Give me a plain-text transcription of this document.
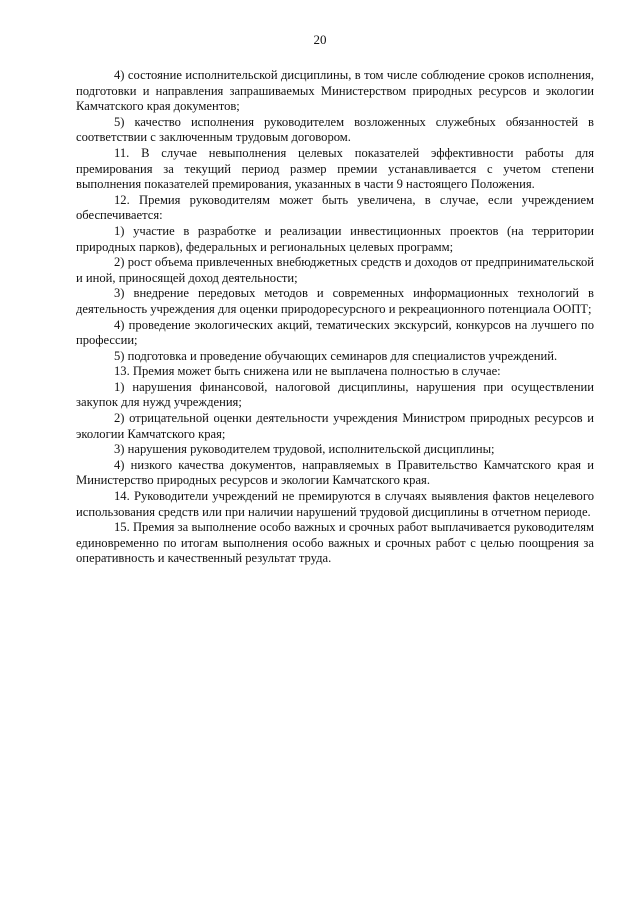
20

4) состояние исполнительской дисциплины, в том числе соблюдение сроков исполнения, подготовки и направления запрашиваемых Министерством природных ресурсов и экологии Камчатского края документов;

5) качество исполнения руководителем возложенных служебных обязанностей в соответствии с заключенным трудовым договором.

11. В случае невыполнения целевых показателей эффективности работы для премирования за текущий период размер премии устанавливается с учетом степени выполнения показателей премирования, указанных в части 9 настоящего Положения.

12. Премия руководителям может быть увеличена, в случае, если учреждением обеспечивается:

1) участие в разработке и реализации инвестиционных проектов (на территории природных парков), федеральных и региональных целевых программ;

2) рост объема привлеченных внебюджетных средств и доходов от предпринимательской и иной, приносящей доход деятельности;

3) внедрение передовых методов и современных информационных технологий в деятельность учреждения для оценки природоресурсного и рекреационного потенциала ООПТ;

4) проведение экологических акций, тематических экскурсий, конкурсов на лучшего по профессии;

5) подготовка и проведение обучающих семинаров для специалистов учреждений.

13. Премия может быть снижена или не выплачена полностью в случае:

1) нарушения финансовой, налоговой дисциплины, нарушения при осуществлении закупок для нужд учреждения;

2) отрицательной оценки деятельности учреждения Министром природных ресурсов и экологии Камчатского края;

3) нарушения руководителем трудовой, исполнительской дисциплины;

4) низкого качества документов, направляемых в Правительство Камчатского края и Министерство природных ресурсов и экологии Камчатского края.

14. Руководители учреждений не премируются в случаях выявления фактов нецелевого использования средств или при наличии нарушений трудовой дисциплины в отчетном периоде.

15. Премия за выполнение особо важных и срочных работ выплачивается руководителям единовременно по итогам выполнения особо важных и срочных работ с целью поощрения за оперативность и качественный результат труда.
